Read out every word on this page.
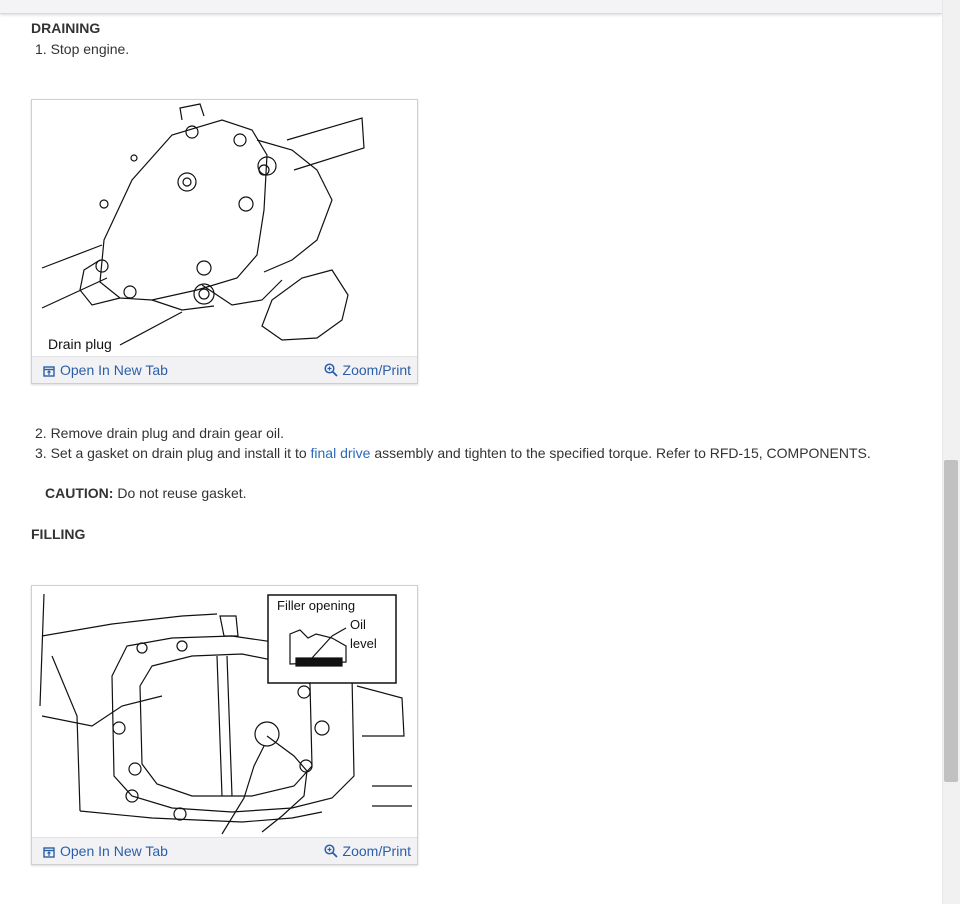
DRAINING
1. Stop engine.
Drain plug
Open In New Tab	Zoom/Print
2. Remove drain plug and drain gear oil.
3. Set a gasket on drain plug and install it to final drive assembly and tighten to the specified torque. Refer to RFD-15, COMPONENTS.
CAUTION: Do not reuse gasket.
FILLING
Filler opening
Oil
level
Open In New Tab	Zoom/Print
